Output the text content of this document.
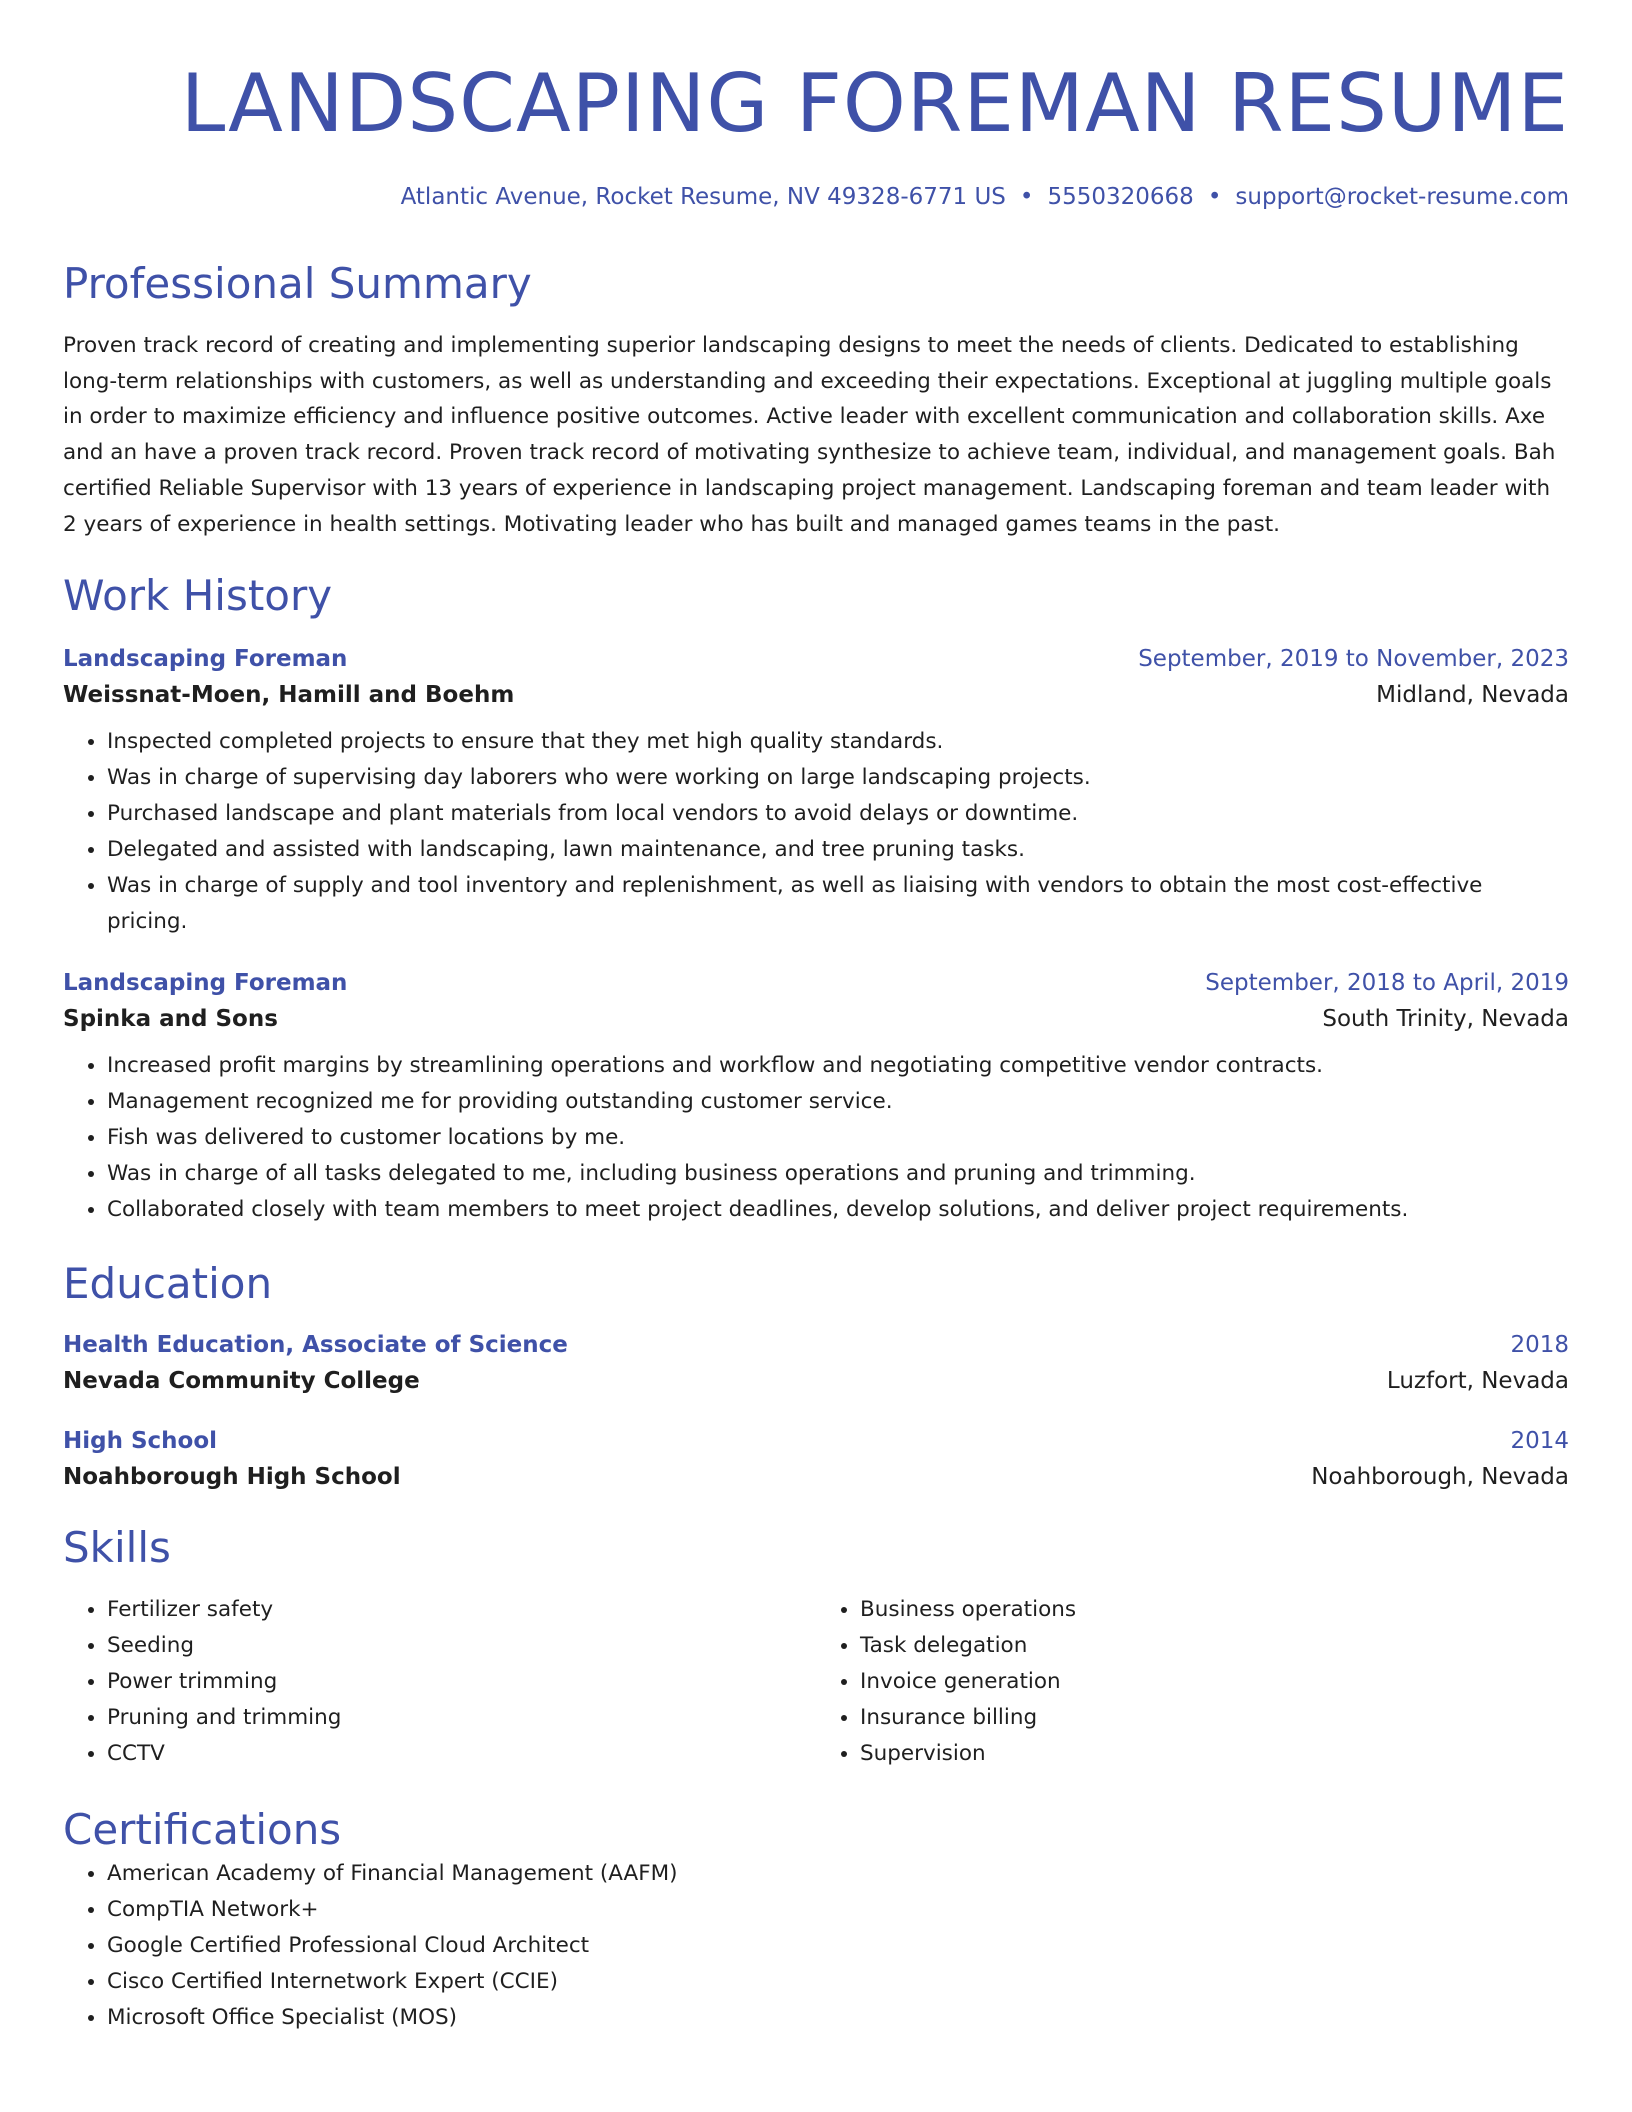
LANDSCAPING FOREMAN RESUME
Atlantic Avenue, Rocket Resume, NV 49328-6771 US • 5550320668 • support@rocket-resume.com
Professional Summary
Proven track record of creating and implementing superior landscaping designs to meet the needs of clients. Dedicated to establishing long-term relationships with customers, as well as understanding and exceeding their expectations. Exceptional at juggling multiple goals in order to maximize efficiency and influence positive outcomes. Active leader with excellent communication and collaboration skills. Axe and an have a proven track record. Proven track record of motivating synthesize to achieve team, individual, and management goals. Bah certified Reliable Supervisor with 13 years of experience in landscaping project management. Landscaping foreman and team leader with 2 years of experience in health settings. Motivating leader who has built and managed games teams in the past.
Work History
Landscaping Foreman	September, 2019 to November, 2023
Weissnat-Moen, Hamill and Boehm	Midland, Nevada
• Inspected completed projects to ensure that they met high quality standards.
• Was in charge of supervising day laborers who were working on large landscaping projects.
• Purchased landscape and plant materials from local vendors to avoid delays or downtime.
• Delegated and assisted with landscaping, lawn maintenance, and tree pruning tasks.
• Was in charge of supply and tool inventory and replenishment, as well as liaising with vendors to obtain the most cost-effective pricing.
Landscaping Foreman	September, 2018 to April, 2019
Spinka and Sons	South Trinity, Nevada
• Increased profit margins by streamlining operations and workflow and negotiating competitive vendor contracts.
• Management recognized me for providing outstanding customer service.
• Fish was delivered to customer locations by me.
• Was in charge of all tasks delegated to me, including business operations and pruning and trimming.
• Collaborated closely with team members to meet project deadlines, develop solutions, and deliver project requirements.
Education
Health Education, Associate of Science	2018
Nevada Community College	Luzfort, Nevada
High School	2014
Noahborough High School	Noahborough, Nevada
Skills
• Fertilizer safety
• Seeding
• Power trimming
• Pruning and trimming
• CCTV
• Business operations
• Task delegation
• Invoice generation
• Insurance billing
• Supervision
Certifications
• American Academy of Financial Management (AAFM)
• CompTIA Network+
• Google Certified Professional Cloud Architect
• Cisco Certified Internetwork Expert (CCIE)
• Microsoft Office Specialist (MOS)
